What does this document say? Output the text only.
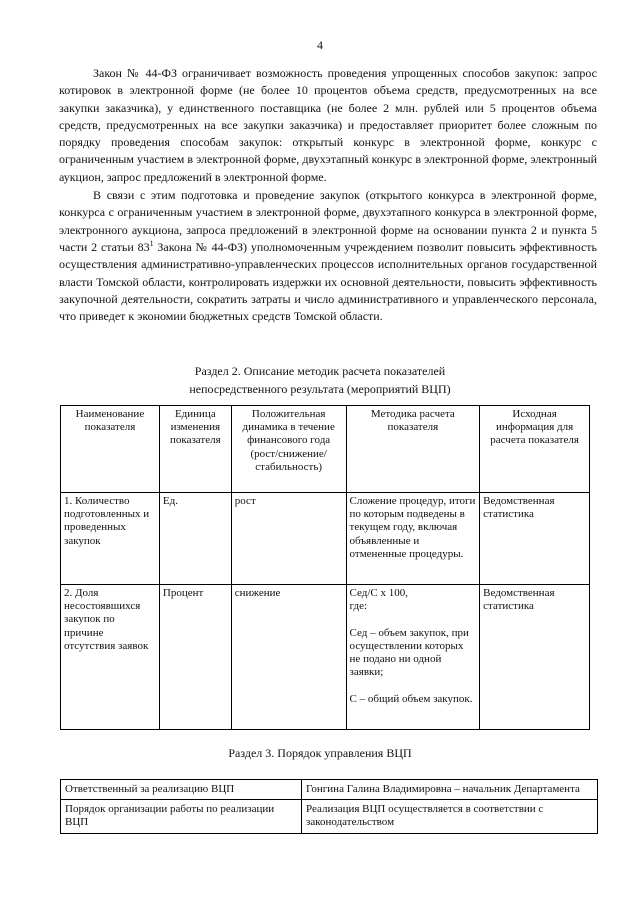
4

Закон № 44-ФЗ ограничивает возможность проведения упрощенных способов закупок: запрос котировок в электронной форме (не более 10 процентов объема средств, предусмотренных на все закупки заказчика), у единственного поставщика (не более 2 млн. рублей или 5 процентов объема средств, предусмотренных на все закупки заказчика) и предоставляет приоритет более сложным по порядку проведения способам закупок: открытый конкурс в электронной форме, конкурс с ограниченным участием в электронной форме, двухэтапный конкурс в электронной форме, электронный аукцион, запрос предложений в электронной форме.

В связи с этим подготовка и проведение закупок (открытого конкурса в электронной форме, конкурса с ограниченным участием в электронной форме, двухэтапного конкурса в электронной форме, электронного аукциона, запроса предложений в электронной форме на основании пункта 2 и пункта 5 части 2 статьи $83^1$ Закона № 44-ФЗ) уполномоченным учреждением позволит повысить эффективность осуществления административно-управленческих процессов исполнительных органов государственной власти Томской области, контролировать издержки их основной деятельности, повысить эффективность закупочной деятельности, сократить затраты и число административного и управленческого персонала, что приведет к экономии бюджетных средств Томской области.

Раздел 2. Описание методик расчета показателей
непосредственного результата (мероприятий ВЦП)
Наименование показателя	Единица изменения показателя	Положительная динамика в течение финансового года (рост/снижение/стабильность)	Методика расчета показателя	Исходная информация для расчета показателя
1. Количество подготовленных и проведенных закупок	Ед.	рост	Сложение процедур, итоги по которым подведены в текущем году, включая объявленные и отмененные процедуры.	Ведомственная статистика
2. Доля несостоявшихся закупок по причине отсутствия заявок	Процент	снижение	Сед/С х 100,
где:
Сед – объем закупок, при осуществлении которых не подано ни одной заявки;
С – общий объем закупок.	Ведомственная статистика
Раздел 3. Порядок управления ВЦП
Ответственный за реализацию ВЦП	Гонгина Галина Владимировна – начальник Департамента
Порядок организации работы по реализации ВЦП	Реализация ВЦП осуществляется в соответствии с законодательством
